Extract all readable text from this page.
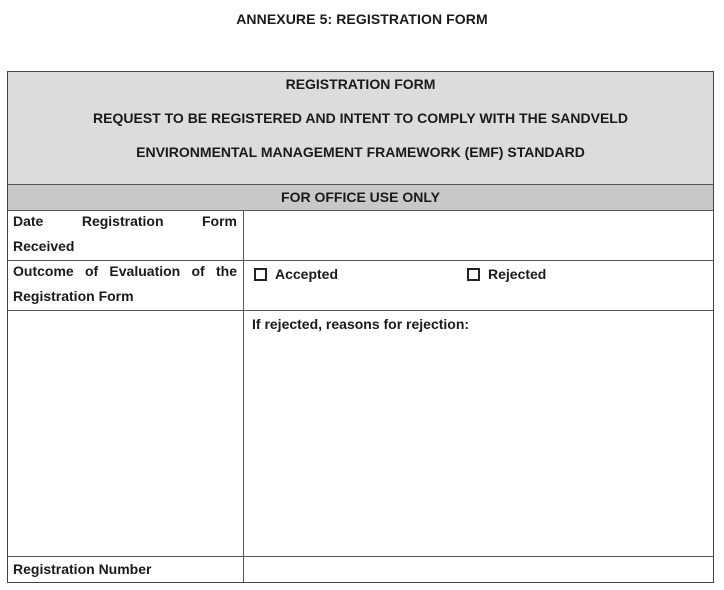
ANNEXURE 5: REGISTRATION FORM
REGISTRATION FORM
REQUEST TO BE REGISTERED AND INTENT TO COMPLY WITH THE SANDVELD
ENVIRONMENTAL MANAGEMENT FRAMEWORK (EMF) STANDARD
FOR OFFICE USE ONLY
Date Registration Form
Received
Outcome of Evaluation of the
Registration Form
Accepted	Rejected
If rejected, reasons for rejection:
Registration Number
